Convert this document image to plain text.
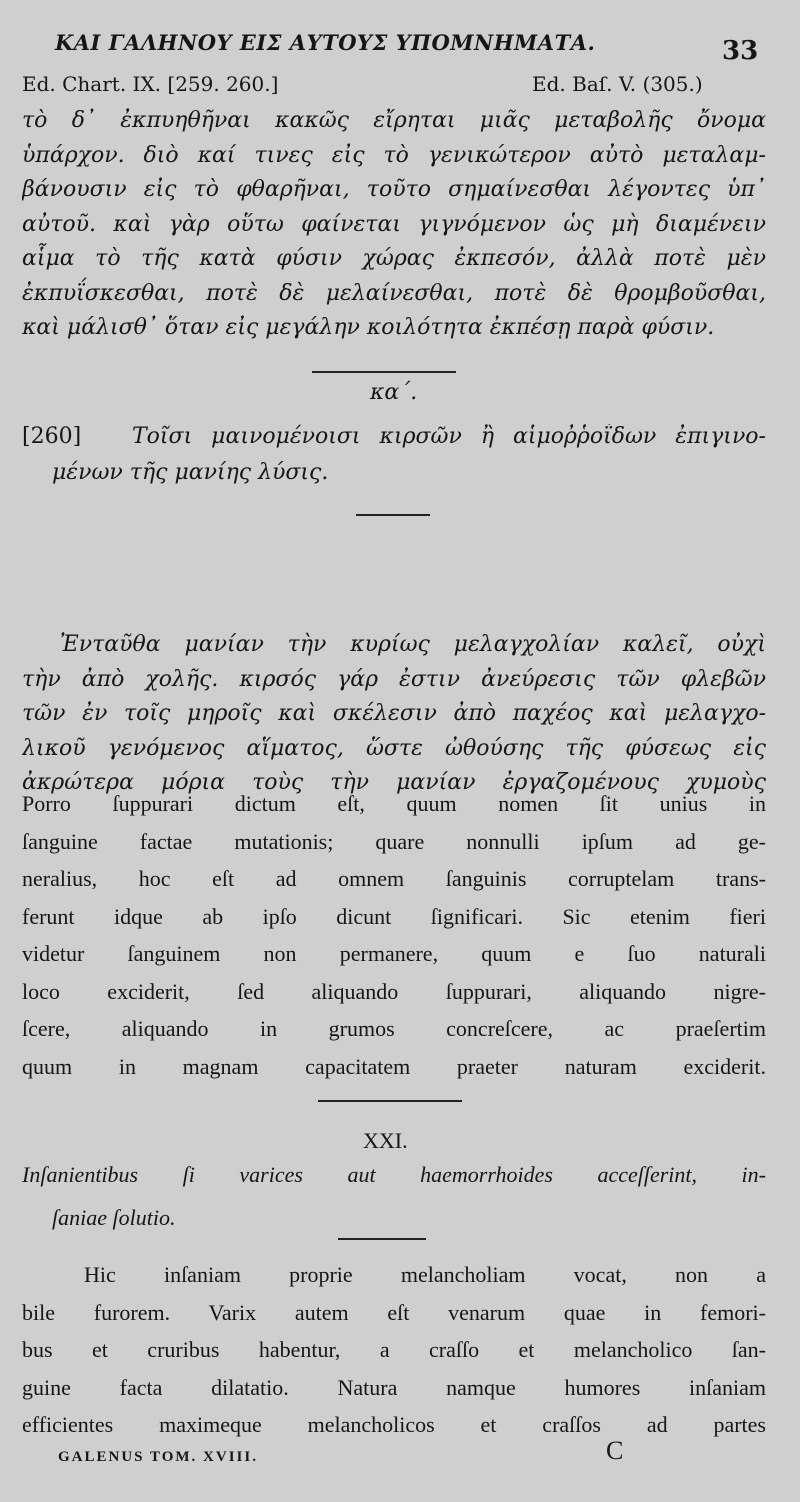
ΚΑΙ ΓΑΛΗΝΟΥ ΕΙΣ ΑΥΤΟΥΣ ΥΠΟΜΝΗΜΑΤΑ.	33
Ed. Chart. IX. [259. 260.]	Ed. Baſ. V. (305.)
τὸ δ᾽ ἐκπυηθῆναι κακῶς εἴρηται μιᾶς μεταβολῆς ὄνομα
ὑπάρχον. διὸ καί τινες εἰς τὸ γενικώτερον αὐτὸ μεταλαμ-
βάνουσιν εἰς τὸ φθαρῆναι, τοῦτο σημαίνεσθαι λέγοντες ὑπ᾽
αὐτοῦ. καὶ γὰρ οὕτω φαίνεται γιγνόμενον ὡς μὴ διαμένειν
αἷμα τὸ τῆς κατὰ φύσιν χώρας ἐκπεσόν, ἀλλὰ ποτὲ μὲν
ἐκπυΐσκεσθαι, ποτὲ δὲ μελαίνεσθαι, ποτὲ δὲ θρομβοῦσθαι,
καὶ μάλισθ᾽ ὅταν εἰς μεγάλην κοιλότητα ἐκπέσῃ παρὰ φύσιν.
κα΄.
[260] Τοῖσι μαινομένοισι κιρσῶν ἢ αἱμοῤῥοΐδων ἐπιγινο-
μένων τῆς μανίης λύσις.
Ἐνταῦθα μανίαν τὴν κυρίως μελαγχολίαν καλεῖ, οὐχὶ
τὴν ἀπὸ χολῆς. κιρσός γάρ ἐστιν ἀνεύρεσις τῶν φλεβῶν
τῶν ἐν τοῖς μηροῖς καὶ σκέλεσιν ἀπὸ παχέος καὶ μελαγχο-
λικοῦ γενόμενος αἵματος, ὥστε ὠθούσης τῆς φύσεως εἰς
ἀκρώτερα μόρια τοὺς τὴν μανίαν ἐργαζομένους χυμοὺς
Porro ſuppurari dictum eſt, quum nomen ſit unius in
ſanguine factae mutationis; quare nonnulli ipſum ad ge-
neralius, hoc eſt ad omnem ſanguinis corruptelam trans-
ferunt idque ab ipſo dicunt ſignificari. Sic etenim fieri
videtur ſanguinem non permanere, quum e ſuo naturali
loco exciderit, ſed aliquando ſuppurari, aliquando nigre-
ſcere, aliquando in grumos concreſcere, ac praeſertim
quum in magnam capacitatem praeter naturam exciderit.
XXI.
Inſanientibus ſi varices aut haemorrhoides acceſſerint, in-
ſaniae ſolutio.
Hic inſaniam proprie melancholiam vocat, non a
bile furorem. Varix autem eſt venarum quae in femori-
bus et cruribus habentur, a craſſo et melancholico ſan-
guine facta dilatatio. Natura namque humores inſaniam
efficientes maximeque melancholicos et craſſos ad partes
GALENUS TOM. XVIII.	C
